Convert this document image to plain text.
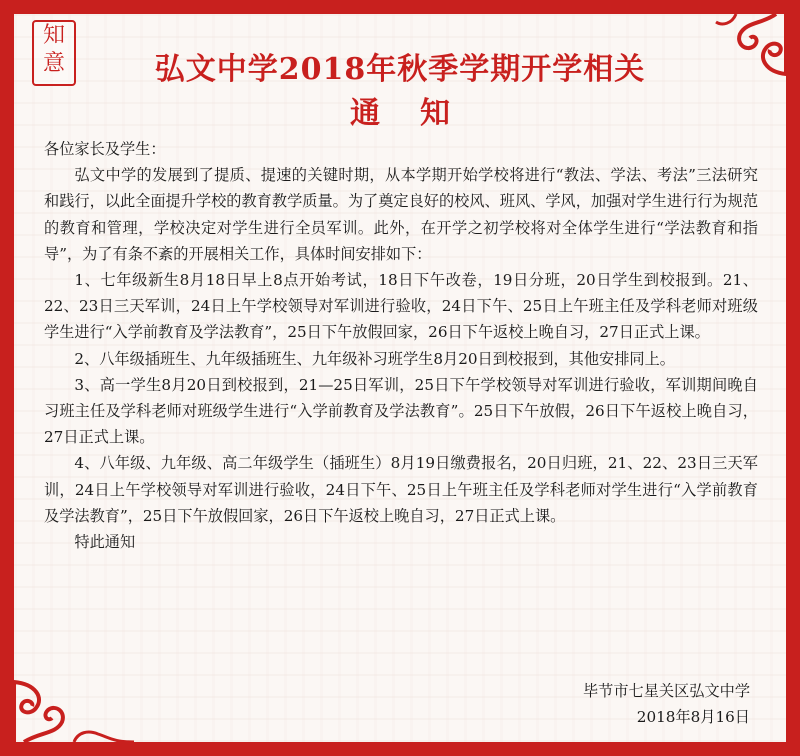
知
意	弘文中学2018年秋季学期开学相关
通知

各位家长及学生：

弘文中学的发展到了提质、提速的关键时期，从本学期开始学校将进行“教法、学法、考法”三法研究和践行，以此全面提升学校的教育教学质量。为了奠定良好的校风、班风、学风，加强对学生进行行为规范的教育和管理，学校决定对学生进行全员军训。此外，在开学之初学校将对全体学生进行“学法教育和指导”，为了有条不紊的开展相关工作，具体时间安排如下：

1、七年级新生8月18日早上8点开始考试，18日下午改卷，19日分班，20日学生到校报到。21、22、23日三天军训，24日上午学校领导对军训进行验收，24日下午、25日上午班主任及学科老师对班级学生进行“入学前教育及学法教育”，25日下午放假回家，26日下午返校上晚自习，27日正式上课。

2、八年级插班生、九年级插班生、九年级补习班学生8月20日到校报到，其他安排同上。

3、高一学生8月20日到校报到，21—25日军训，25日下午学校领导对军训进行验收，军训期间晚自习班主任及学科老师对班级学生进行“入学前教育及学法教育”。25日下午放假，26日下午返校上晚自习，27日正式上课。

4、八年级、九年级、高二年级学生（插班生）8月19日缴费报名，20日归班，21、22、23日三天军训，24日上午学校领导对军训进行验收，24日下午、25日上午班主任及学科老师对学生进行“入学前教育及学法教育”，25日下午放假回家，26日下午返校上晚自习，27日正式上课。

特此通知

毕节市七星关区弘文中学
2018年8月16日
